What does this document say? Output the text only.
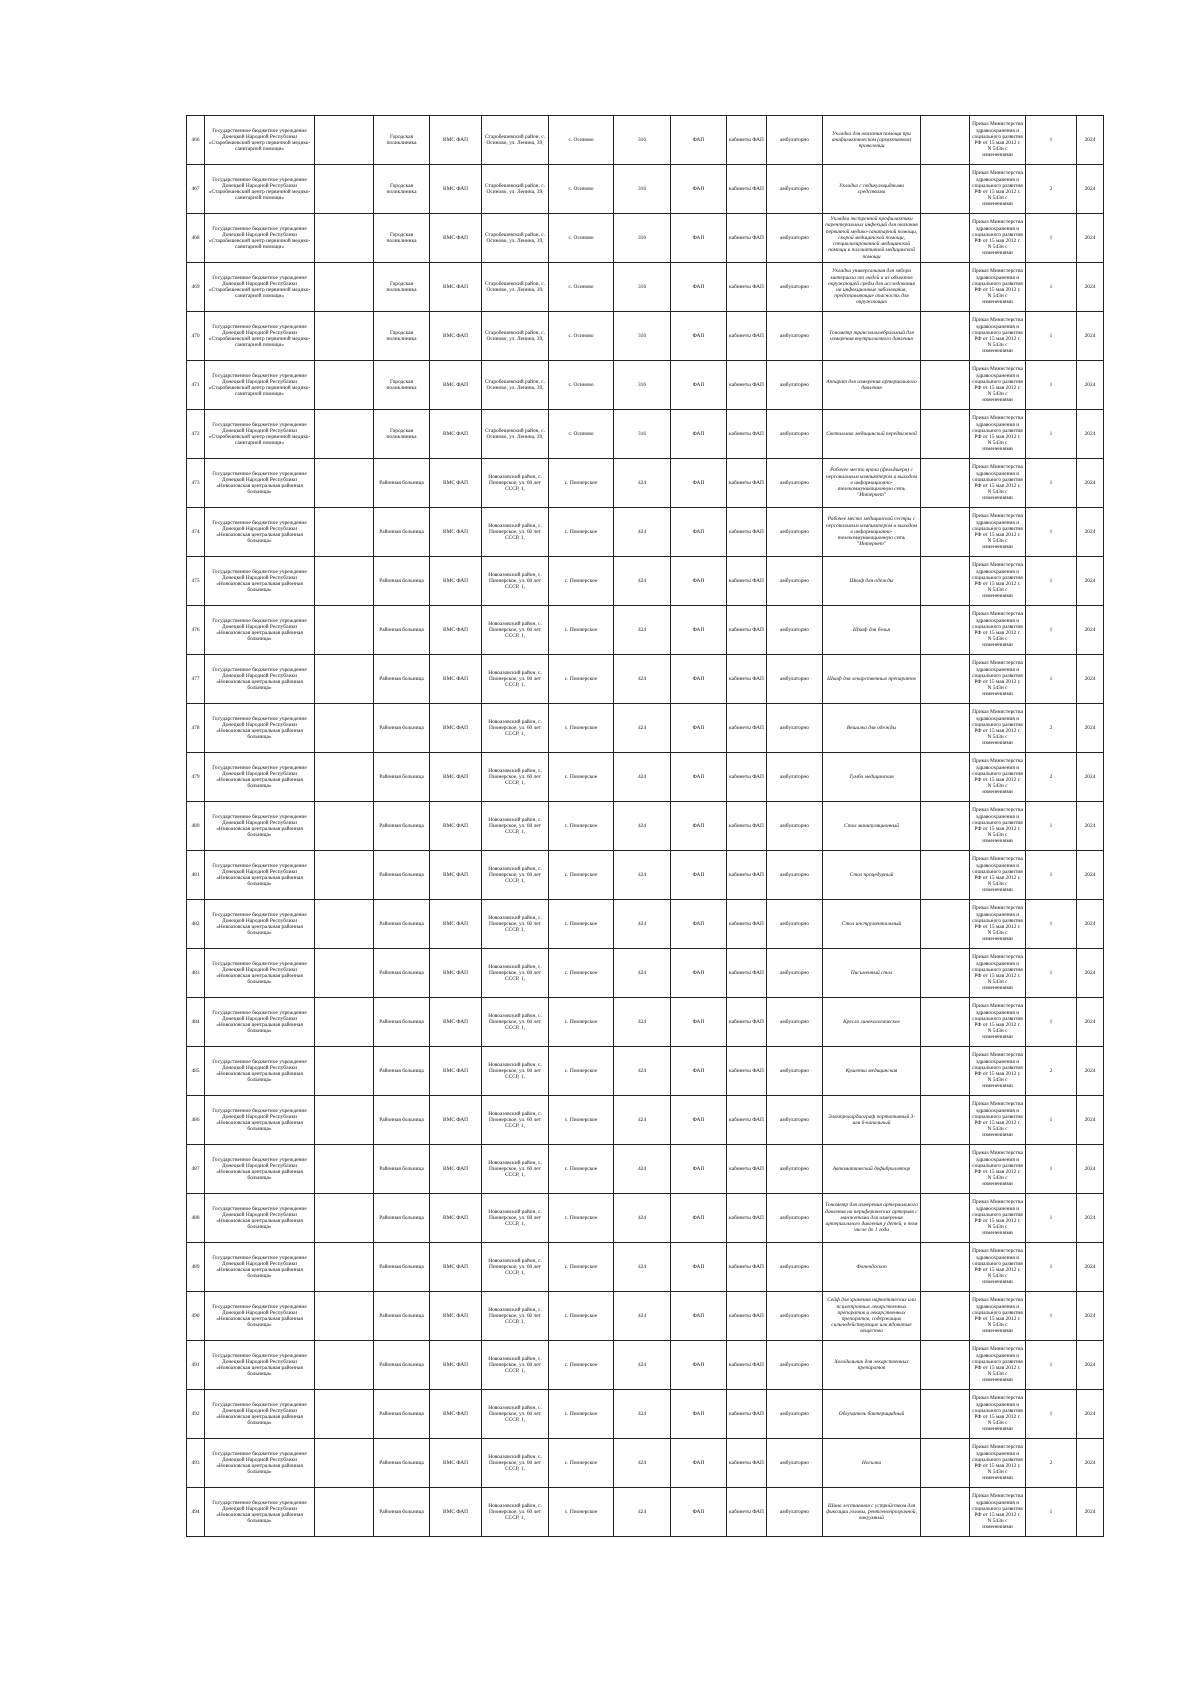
466	Государственное бюджетное учреждение Донецкой Народной Республики «Старобешевский центр первичной медико-санитарной помощи»		Городская поликлиника	ВМС ФАП	Старобешевский район, с. Осиново, ул. Ленина, 39,	с. Осиново	316	ФАП	кабинеты ФАП	амбулаторно	Укладка для оказания помощи при анафилактическом (ареактивном) проявлении		Приказ Министерства здравоохранения и социального развития РФ от 15 мая 2012 г. N 543н с изменениями	1	2024
467	Государственное бюджетное учреждение Донецкой Народной Республики «Старобешевский центр первичной медико-санитарной помощи»		Городская поликлиника	ВМС ФАП	Старобешевский район, с. Осиново, ул. Ленина, 39,	с. Осиново	316	ФАП	кабинеты ФАП	амбулаторно	Укладка с педикулоцидными средствами		Приказ Министерства здравоохранения и социального развития РФ от 15 мая 2012 г. N 543н с изменениями	2	2024
468	Государственное бюджетное учреждение Донецкой Народной Республики «Старобешевский центр первичной медико-санитарной помощи»		Городская поликлиника	ВМС ФАП	Старобешевский район, с. Осиново, ул. Ленина, 39,	с. Осиново	316	ФАП	кабинеты ФАП	амбулаторно	Укладка экстренной профилактики парентеральных инфекций для оказания первичной медико-санитарной помощи, скорой медицинской помощи, специализированной медицинской помощи и паллиативной медицинской помощи		Приказ Министерства здравоохранения и социального развития РФ от 15 мая 2012 г. N 543н с изменениями	1	2024
469	Государственное бюджетное учреждение Донецкой Народной Республики «Старобешевский центр первичной медико-санитарной помощи»		Городская поликлиника	ВМС ФАП	Старобешевский район, с. Осиново, ул. Ленина, 39,	с. Осиново	316	ФАП	кабинеты ФАП	амбулаторно	Укладка универсальная для забора материала от людей и из объектов окружающей среды для исследования на инфекционные заболевания, представляющие опасность для окружающих		Приказ Министерства здравоохранения и социального развития РФ от 15 мая 2012 г. N 543н с изменениями	1	2024
470	Государственное бюджетное учреждение Донецкой Народной Республики «Старобешевский центр первичной медико-санитарной помощи»		Городская поликлиника	ВМС ФАП	Старобешевский район, с. Осиново, ул. Ленина, 39,	с. Осиново	316	ФАП	кабинеты ФАП	амбулаторно	Тонометр транспальпебральный для измерения внутриглазного давления		Приказ Министерства здравоохранения и социального развития РФ от 15 мая 2012 г. N 543н с изменениями	1	2024
471	Государственное бюджетное учреждение Донецкой Народной Республики «Старобешевский центр первичной медико-санитарной помощи»		Городская поликлиника	ВМС ФАП	Старобешевский район, с. Осиново, ул. Ленина, 39,	с. Осиново	316	ФАП	кабинеты ФАП	амбулаторно	Аппарат для измерения артериального давления		Приказ Министерства здравоохранения и социального развития РФ от 15 мая 2012 г. N 543н с изменениями	1	2024
472	Государственное бюджетное учреждение Донецкой Народной Республики «Старобешевский центр первичной медико-санитарной помощи»		Городская поликлиника	ВМС ФАП	Старобешевский район, с. Осиново, ул. Ленина, 39,	с. Осиново	316	ФАП	кабинеты ФАП	амбулаторно	Светильник медицинский передвижной		Приказ Министерства здравоохранения и социального развития РФ от 15 мая 2012 г. N 543н с изменениями	1	2024
473	Государственное бюджетное учреждение Донецкой Народной Республики «Новоазовская центральная районная больница»		Районная больница	ВМС ФАП	Новоазовский район, с. Пионерское, ул. 60 лет СССР, 1,	с. Пионерское	424	ФАП	кабинеты ФАП	амбулаторно	Рабочее место врача (фельдшера) с персональным компьютером и выходом в информационно-телекоммуникационную сеть "Интернет"		Приказ Министерства здравоохранения и социального развития РФ от 15 мая 2012 г. N 543н с изменениями	1	2024
474	Государственное бюджетное учреждение Донецкой Народной Республики «Новоазовская центральная районная больница»		Районная больница	ВМС ФАП	Новоазовский район, с. Пионерское, ул. 60 лет СССР, 1,	с. Пионерское	424	ФАП	кабинеты ФАП	амбулаторно	Рабочее место медицинской сестры с персональным компьютером и выходом в информационно-телекоммуникационную сеть "Интернет"		Приказ Министерства здравоохранения и социального развития РФ от 15 мая 2012 г. N 543н с изменениями	1	2024
475	Государственное бюджетное учреждение Донецкой Народной Республики «Новоазовская центральная районная больница»		Районная больница	ВМС ФАП	Новоазовский район, с. Пионерское, ул. 60 лет СССР, 1,	с. Пионерское	424	ФАП	кабинеты ФАП	амбулаторно	Шкаф для одежды		Приказ Министерства здравоохранения и социального развития РФ от 15 мая 2012 г. N 543н с изменениями	1	2024
476	Государственное бюджетное учреждение Донецкой Народной Республики «Новоазовская центральная районная больница»		Районная больница	ВМС ФАП	Новоазовский район, с. Пионерское, ул. 60 лет СССР, 1,	с. Пионерское	424	ФАП	кабинеты ФАП	амбулаторно	Шкаф для белья		Приказ Министерства здравоохранения и социального развития РФ от 15 мая 2012 г. N 543н с изменениями	1	2024
477	Государственное бюджетное учреждение Донецкой Народной Республики «Новоазовская центральная районная больница»		Районная больница	ВМС ФАП	Новоазовский район, с. Пионерское, ул. 60 лет СССР, 1,	с. Пионерское	424	ФАП	кабинеты ФАП	амбулаторно	Шкаф для лекарственных препаратов		Приказ Министерства здравоохранения и социального развития РФ от 15 мая 2012 г. N 543н с изменениями	1	2024
478	Государственное бюджетное учреждение Донецкой Народной Республики «Новоазовская центральная районная больница»		Районная больница	ВМС ФАП	Новоазовский район, с. Пионерское, ул. 60 лет СССР, 1,	с. Пионерское	424	ФАП	кабинеты ФАП	амбулаторно	Вешалка для одежды		Приказ Министерства здравоохранения и социального развития РФ от 15 мая 2012 г. N 543н с изменениями	2	2024
479	Государственное бюджетное учреждение Донецкой Народной Республики «Новоазовская центральная районная больница»		Районная больница	ВМС ФАП	Новоазовский район, с. Пионерское, ул. 60 лет СССР, 1,	с. Пионерское	424	ФАП	кабинеты ФАП	амбулаторно	Тумба медицинская		Приказ Министерства здравоохранения и социального развития РФ от 15 мая 2012 г. N 543н с изменениями	2	2024
480	Государственное бюджетное учреждение Донецкой Народной Республики «Новоазовская центральная районная больница»		Районная больница	ВМС ФАП	Новоазовский район, с. Пионерское, ул. 60 лет СССР, 1,	с. Пионерское	424	ФАП	кабинеты ФАП	амбулаторно	Стол манипуляционный		Приказ Министерства здравоохранения и социального развития РФ от 15 мая 2012 г. N 543н с изменениями	1	2024
481	Государственное бюджетное учреждение Донецкой Народной Республики «Новоазовская центральная районная больница»		Районная больница	ВМС ФАП	Новоазовский район, с. Пионерское, ул. 60 лет СССР, 1,	с. Пионерское	424	ФАП	кабинеты ФАП	амбулаторно	Стол процедурный		Приказ Министерства здравоохранения и социального развития РФ от 15 мая 2012 г. N 543н с изменениями	1	2024
482	Государственное бюджетное учреждение Донецкой Народной Республики «Новоазовская центральная районная больница»		Районная больница	ВМС ФАП	Новоазовский район, с. Пионерское, ул. 60 лет СССР, 1,	с. Пионерское	424	ФАП	кабинеты ФАП	амбулаторно	Стол инструментальный		Приказ Министерства здравоохранения и социального развития РФ от 15 мая 2012 г. N 543н с изменениями	1	2024
483	Государственное бюджетное учреждение Донецкой Народной Республики «Новоазовская центральная районная больница»		Районная больница	ВМС ФАП	Новоазовский район, с. Пионерское, ул. 60 лет СССР, 1,	с. Пионерское	424	ФАП	кабинеты ФАП	амбулаторно	Письменный стол		Приказ Министерства здравоохранения и социального развития РФ от 15 мая 2012 г. N 543н с изменениями	1	2024
484	Государственное бюджетное учреждение Донецкой Народной Республики «Новоазовская центральная районная больница»		Районная больница	ВМС ФАП	Новоазовский район, с. Пионерское, ул. 60 лет СССР, 1,	с. Пионерское	424	ФАП	кабинеты ФАП	амбулаторно	Кресло гинекологическое		Приказ Министерства здравоохранения и социального развития РФ от 15 мая 2012 г. N 543н с изменениями	1	2024
485	Государственное бюджетное учреждение Донецкой Народной Республики «Новоазовская центральная районная больница»		Районная больница	ВМС ФАП	Новоазовский район, с. Пионерское, ул. 60 лет СССР, 1,	с. Пионерское	424	ФАП	кабинеты ФАП	амбулаторно	Кушетка медицинская		Приказ Министерства здравоохранения и социального развития РФ от 15 мая 2012 г. N 543н с изменениями	2	2024
486	Государственное бюджетное учреждение Донецкой Народной Республики «Новоазовская центральная районная больница»		Районная больница	ВМС ФАП	Новоазовский район, с. Пионерское, ул. 60 лет СССР, 1,	с. Пионерское	424	ФАП	кабинеты ФАП	амбулаторно	Электрокардиограф портативный 3- или 6-канальный		Приказ Министерства здравоохранения и социального развития РФ от 15 мая 2012 г. N 543н с изменениями	1	2024
487	Государственное бюджетное учреждение Донецкой Народной Республики «Новоазовская центральная районная больница»		Районная больница	ВМС ФАП	Новоазовский район, с. Пионерское, ул. 60 лет СССР, 1,	с. Пионерское	424	ФАП	кабинеты ФАП	амбулаторно	Автоматический дефибриллятор		Приказ Министерства здравоохранения и социального развития РФ от 15 мая 2012 г. N 543н с изменениями	1	2024
488	Государственное бюджетное учреждение Донецкой Народной Республики «Новоазовская центральная районная больница»		Районная больница	ВМС ФАП	Новоазовский район, с. Пионерское, ул. 60 лет СССР, 1,	с. Пионерское	424	ФАП	кабинеты ФАП	амбулаторно	Тонометр для измерения артериального давления на периферических артериях с манжетами для измерения артериального давления у детей, в том числе до 1 года		Приказ Министерства здравоохранения и социального развития РФ от 15 мая 2012 г. N 543н с изменениями	1	2024
489	Государственное бюджетное учреждение Донецкой Народной Республики «Новоазовская центральная районная больница»		Районная больница	ВМС ФАП	Новоазовский район, с. Пионерское, ул. 60 лет СССР, 1,	с. Пионерское	424	ФАП	кабинеты ФАП	амбулаторно	Фонендоскоп		Приказ Министерства здравоохранения и социального развития РФ от 15 мая 2012 г. N 543н с изменениями	1	2024
490	Государственное бюджетное учреждение Донецкой Народной Республики «Новоазовская центральная районная больница»		Районная больница	ВМС ФАП	Новоазовский район, с. Пионерское, ул. 60 лет СССР, 1,	с. Пионерское	424	ФАП	кабинеты ФАП	амбулаторно	Сейф для хранения наркотических или психотропных лекарственных препаратов и лекарственных препаратов, содержащих сильнодействующие или ядовитые вещества		Приказ Министерства здравоохранения и социального развития РФ от 15 мая 2012 г. N 543н с изменениями	1	2024
491	Государственное бюджетное учреждение Донецкой Народной Республики «Новоазовская центральная районная больница»		Районная больница	ВМС ФАП	Новоазовский район, с. Пионерское, ул. 60 лет СССР, 1,	с. Пионерское	424	ФАП	кабинеты ФАП	амбулаторно	Холодильник для лекарственных препаратов		Приказ Министерства здравоохранения и социального развития РФ от 15 мая 2012 г. N 543н с изменениями	1	2024
492	Государственное бюджетное учреждение Донецкой Народной Республики «Новоазовская центральная районная больница»		Районная больница	ВМС ФАП	Новоазовский район, с. Пионерское, ул. 60 лет СССР, 1,	с. Пионерское	424	ФАП	кабинеты ФАП	амбулаторно	Облучатель бактерицидный		Приказ Министерства здравоохранения и социального развития РФ от 15 мая 2012 г. N 543н с изменениями	1	2024
493	Государственное бюджетное учреждение Донецкой Народной Республики «Новоазовская центральная районная больница»		Районная больница	ВМС ФАП	Новоазовский район, с. Пионерское, ул. 60 лет СССР, 1,	с. Пионерское	424	ФАП	кабинеты ФАП	амбулаторно	Носилки		Приказ Министерства здравоохранения и социального развития РФ от 15 мая 2012 г. N 543н с изменениями	2	2024
494	Государственное бюджетное учреждение Донецкой Народной Республики «Новоазовская центральная районная больница»		Районная больница	ВМС ФАП	Новоазовский район, с. Пионерское, ул. 60 лет СССР, 1,	с. Пионерское	424	ФАП	кабинеты ФАП	амбулаторно	Шина лестничная с устройством для фиксации головы, рентгенопрозрачной, вакуумный		Приказ Министерства здравоохранения и социального развития РФ от 15 мая 2012 г. N 543н с изменениями	1	2024
